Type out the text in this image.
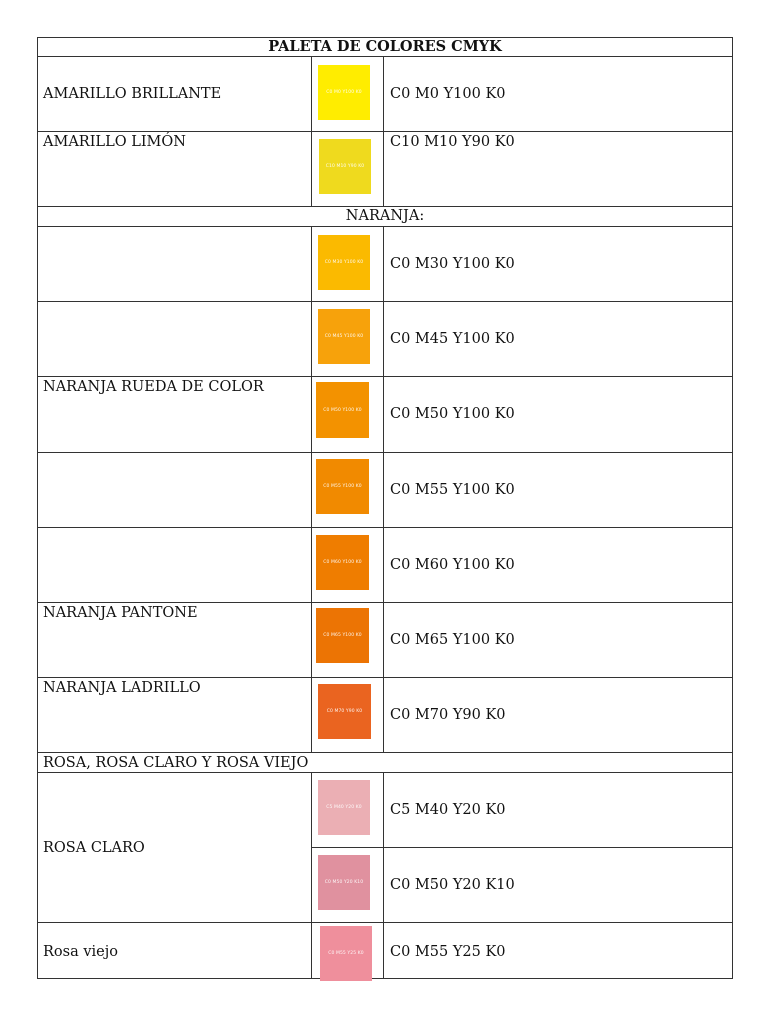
PALETA DE COLORES CMYK
NARANJA:
ROSA, ROSA CLARO Y ROSA VIEJO
AMARILLO BRILLANTE
AMARILLO LIMÓN
NARANJA RUEDA DE COLOR
NARANJA PANTONE
NARANJA LADRILLO
ROSA CLARO
Rosa viejo
C0 M0 Y100 K0
C10 M10 Y90 K0
C0 M30 Y100 K0
C0 M45 Y100 K0
C0 M50 Y100 K0
C0 M55 Y100 K0
C0 M60 Y100 K0
C0 M65 Y100 K0
C0 M70 Y90 K0
C5 M40 Y20 K0
C0 M50 Y20 K10
C0 M55 Y25 K0
C0 M0 Y100 K0
C10 M10 Y90 K0
C0 M30 Y100 K0
C0 M45 Y100 K0
C0 M50 Y100 K0
C0 M55 Y100 K0
C0 M60 Y100 K0
C0 M65 Y100 K0
C0 M70 Y90 K0
C5 M40 Y20 K0
C0 M50 Y20 K10
C0 M55 Y25 K0
